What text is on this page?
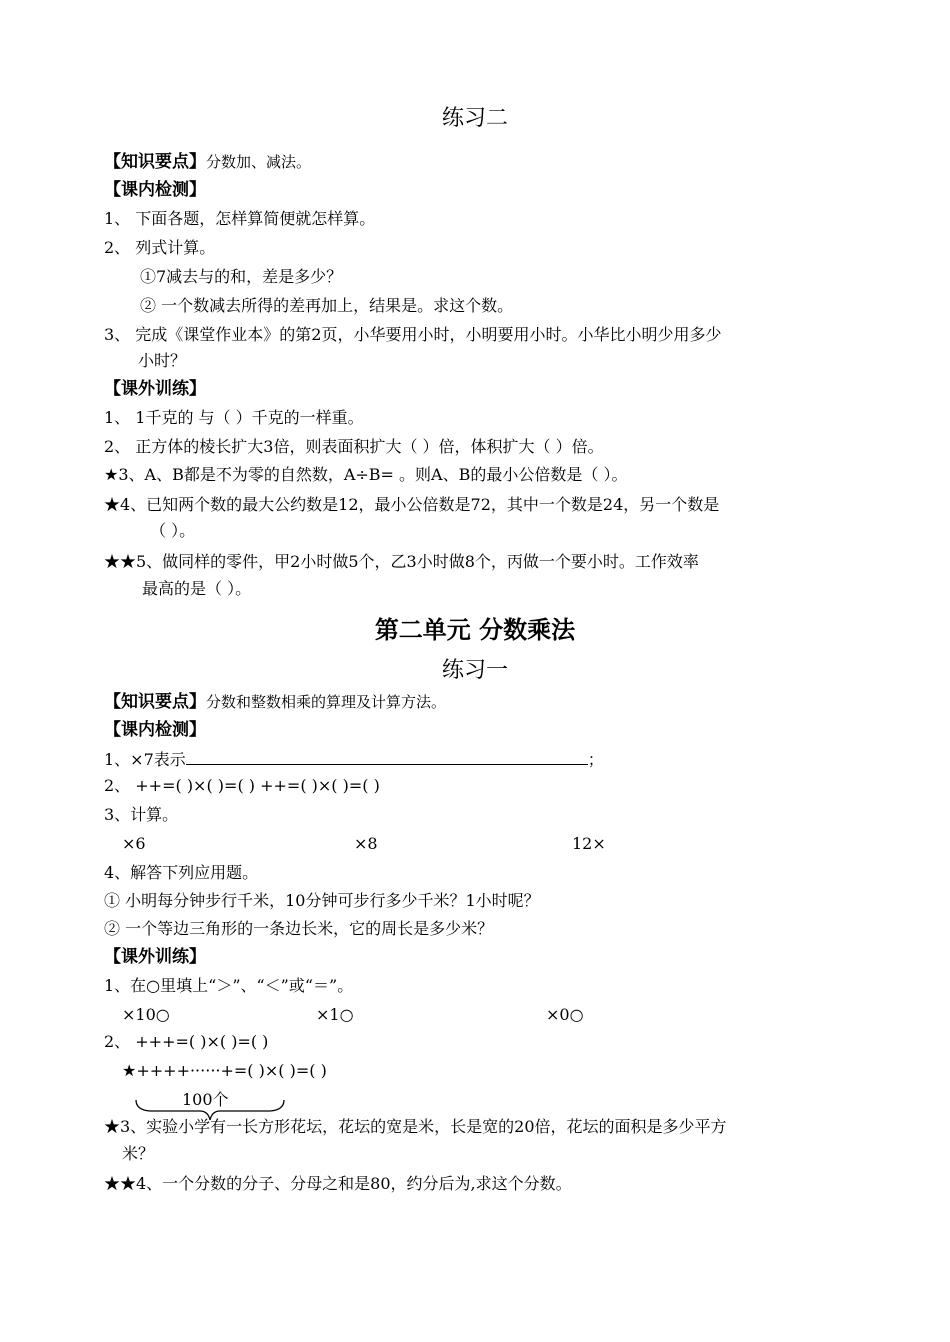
练习二
【知识要点】分数加、减法。
【课内检测】
1、 下面各题，怎样算简便就怎样算。
2、 列式计算。
①7减去与的和，差是多少？
② 一个数减去所得的差再加上，结果是。求这个数。
3、 完成《课堂作业本》的第2页，小华要用小时，小明要用小时。小华比小明少用多少
小时？
【课外训练】
1、 1千克的 与（ ）千克的一样重。
2、 正方体的棱长扩大3倍，则表面积扩大（ ）倍，体积扩大（ ）倍。
★3、A、B都是不为零的自然数，A÷B= 。则A、B的最小公倍数是（ ）。
★4、已知两个数的最大公约数是12，最小公倍数是72，其中一个数是24，另一个数是
（ ）。
★★5、做同样的零件，甲2小时做5个，乙3小时做8个，丙做一个要小时。工作效率
最高的是（ ）。
第二单元 分数乘法
练习一
【知识要点】分数和整数相乘的算理及计算方法。
【课内检测】
1、×7表示	；
2、 ++=( )×( )=( ) ++=( )×( )=( )
3、计算。
×6	×8	12×
4、解答下列应用题。
① 小明每分钟步行千米，10分钟可步行多少千米？1小时呢？
② 一个等边三角形的一条边长米，它的周长是多少米？
【课外训练】
1、在○里填上“＞”、“＜”或“＝”。
×10○	×1○	×0○
2、 +++=( )×( )=( )
★++++······+=( )×( )=( )
100个
★3、实验小学有一长方形花坛，花坛的宽是米，长是宽的20倍，花坛的面积是多少平方
米？
★★4、一个分数的分子、分母之和是80，约分后为,求这个分数。
